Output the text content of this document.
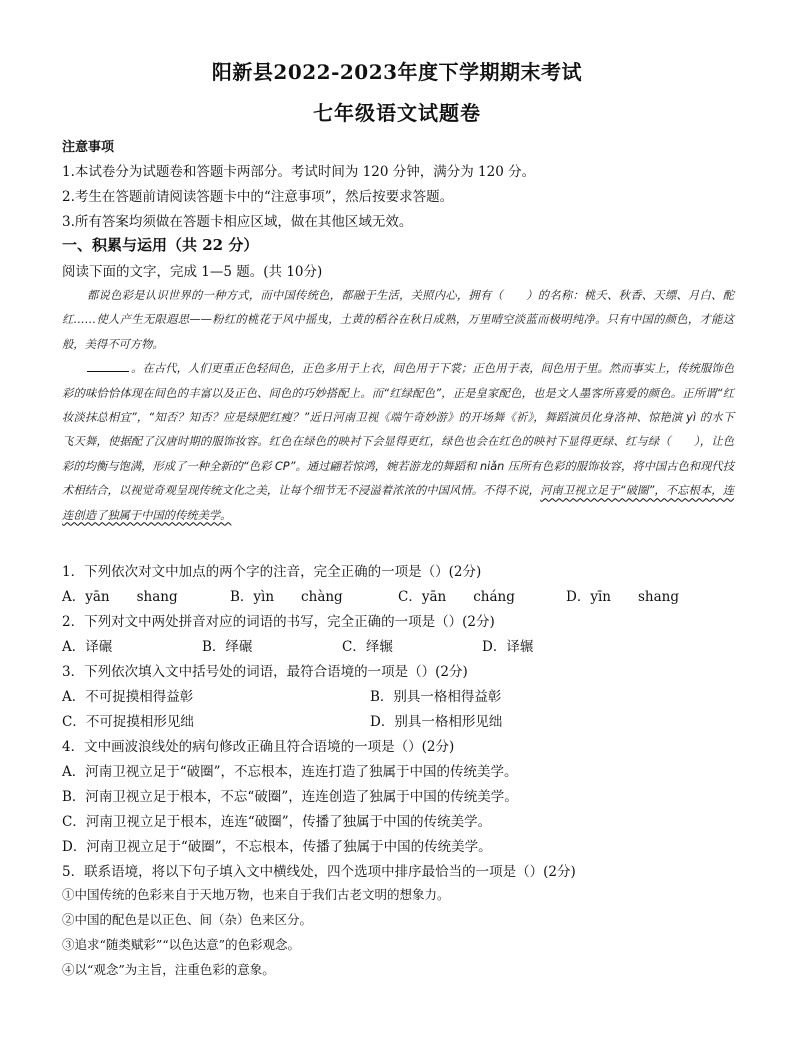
阳新县2022-2023年度下学期期末考试
七年级语文试题卷
注意事项
1.本试卷分为试题卷和答题卡两部分。考试时间为 120 分钟，满分为 120 分。
2.考生在答题前请阅读答题卡中的“注意事项”，然后按要求答题。
3.所有答案均须做在答题卡相应区域，做在其他区域无效。
一、积累与运用（共 22 分）
阅读下面的文字，完成 1—5 题。(共 10分)

都说色彩是认识世界的一种方式，而中国传统色，都融于生活，关照内心，拥有（　　）的名称：桃夭、秋香、天缥、月白、酡红……使人产生无限遐思——粉红的桃花于风中摇曳，土黄的稻谷在秋日成熟，万里晴空淡蓝而极明纯净。只有中国的颜色，才能这般，美得不可方物。

。在古代，人们更重正色轻间色，正色多用于上衣，间色用于下裳；正色用于表，间色用于里。然而事实上，传统服饰色彩的味恰恰体现在间色的丰富以及正色、间色的巧妙搭配上。而“红绿配色”，正是皇家配色，也是文人墨客所喜爱的颜色。正所谓“红妆淡抹总相宜”，“知否？知否？应是绿肥红瘦？”近日河南卫视《端午奇妙游》的开场舞《祈》，舞蹈演员化身洛神、惊艳演 yì 的水下飞天舞，使据配了汉唐时期的服饰妆容。红色在绿色的映衬下会显得更红，绿色也会在红色的映衬下显得更绿、红与绿（　　），让色彩的均衡与饱满，形成了一种全新的“色彩 CP”。通过翩若惊鸿，婉若游龙的舞蹈和 niǎn 压所有色彩的服饰妆容，将中国古色和现代技术相结合，以视觉奇观呈现传统文化之美，让每个细节无不浸溢着浓浓的中国风情。不得不说，河南卫视立足于“破圈”，不忘根本，连连创造了独属于中国的传统美学。

1．下列依次对文中加点的两个字的注音，完全正确的一项是（）(2分)
A．yān　　shang	B．yìn　　chàng	C．yān　　cháng	D．yīn　　shang
2．下列对文中两处拼音对应的词语的书写，完全正确的一项是（）(2分)
A．译碾	B．绎碾	C．绎辗	D．译辗
3．下列依次填入文中括号处的词语，最符合语境的一项是（）(2分)
A．不可捉摸相得益彰	B．别具一格相得益彰
C．不可捉摸相形见绌	D．别具一格相形见绌
4．文中画波浪线处的病句修改正确且符合语境的一项是（）(2分)
A．河南卫视立足于“破圈”，不忘根本，连连打造了独属于中国的传统美学。
B．河南卫视立足于根本，不忘“破圈”，连连创造了独属于中国的传统美学。
C．河南卫视立足于根本，连连“破圈”，传播了独属于中国的传统美学。
D．河南卫视立足于“破圈”，不忘根本，传播了独属于中国的传统美学。
5．联系语境，将以下句子填入文中横线处，四个选项中排序最恰当的一项是（）(2分)
①中国传统的色彩来自于天地万物，也来自于我们古老文明的想象力。
②中国的配色是以正色、间（杂）色来区分。
③追求“随类赋彩”“以色达意”的色彩观念。
④以“观念”为主旨，注重色彩的意象。
